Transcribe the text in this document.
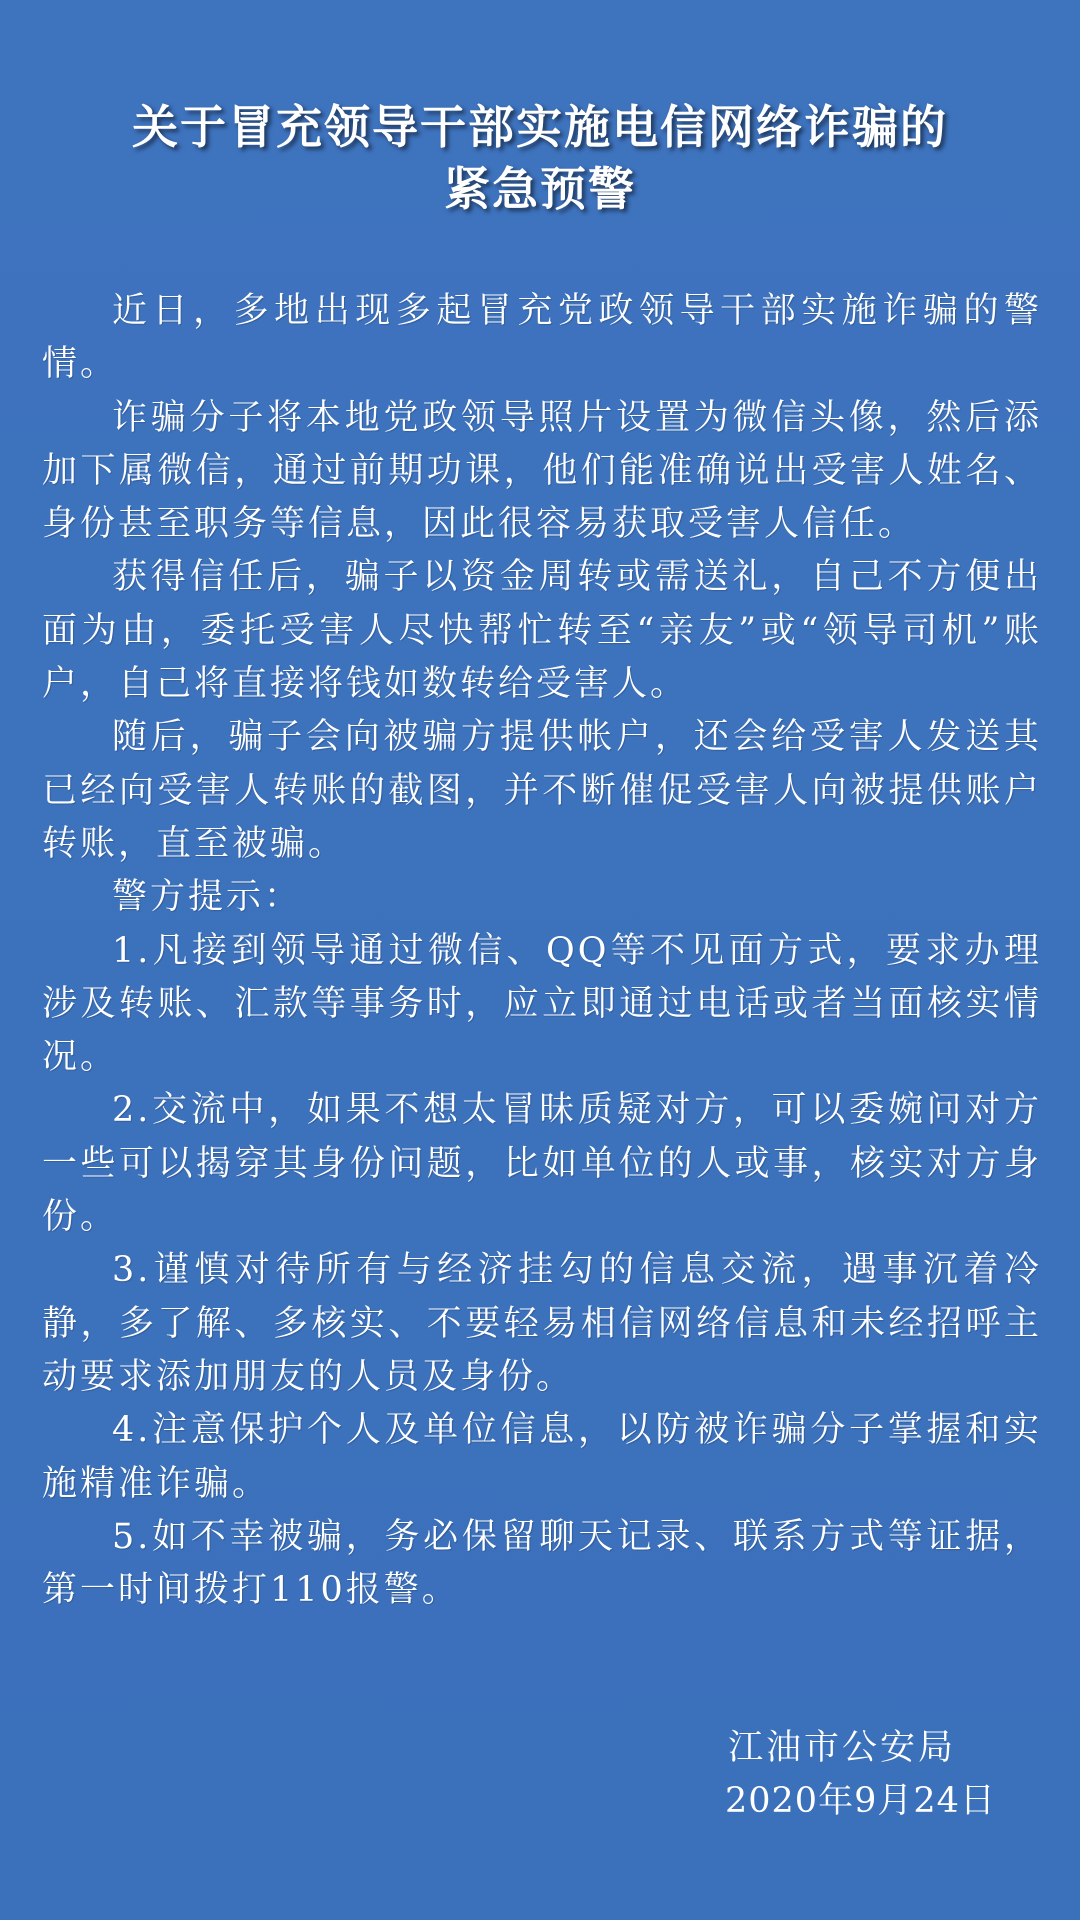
关于冒充领导干部实施电信网络诈骗的
紧急预警

近日，多地出现多起冒充党政领导干部实施诈骗的警情。

诈骗分子将本地党政领导照片设置为微信头像，然后添加下属微信，通过前期功课，他们能准确说出受害人姓名、身份甚至职务等信息，因此很容易获取受害人信任。

获得信任后，骗子以资金周转或需送礼，自己不方便出面为由，委托受害人尽快帮忙转至“亲友”或“领导司机”账户，自己将直接将钱如数转给受害人。

随后，骗子会向被骗方提供帐户，还会给受害人发送其已经向受害人转账的截图，并不断催促受害人向被提供账户转账，直至被骗。

警方提示：

1.凡接到领导通过微信、QQ等不见面方式，要求办理涉及转账、汇款等事务时，应立即通过电话或者当面核实情况。

2.交流中，如果不想太冒昧质疑对方，可以委婉问对方一些可以揭穿其身份问题，比如单位的人或事，核实对方身份。

3.谨慎对待所有与经济挂勾的信息交流，遇事沉着冷静，多了解、多核实、不要轻易相信网络信息和未经招呼主动要求添加朋友的人员及身份。

4.注意保护个人及单位信息，以防被诈骗分子掌握和实施精准诈骗。

5.如不幸被骗，务必保留聊天记录、联系方式等证据，第一时间拨打110报警。

江油市公安局
2020年9月24日
